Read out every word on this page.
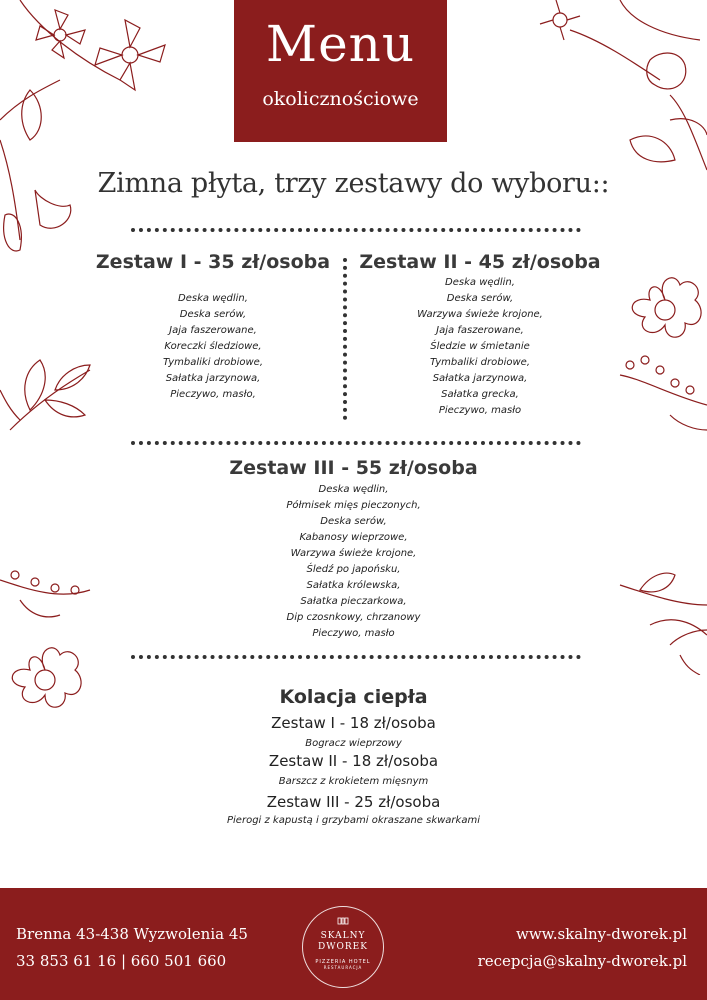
Menu
okolicznościowe
Zimna płyta, trzy zestawy do wyboru::
Zestaw I - 35 zł/osoba
Deska wędlin,
Deska serów,
Jaja faszerowane,
Koreczki śledziowe,
Tymbaliki drobiowe,
Sałatka jarzynowa,
Pieczywo, masło,
Zestaw II - 45 zł/osoba
Deska wędlin,
Deska serów,
Warzywa świeże krojone,
Jaja faszerowane,
Śledzie w śmietanie
Tymbaliki drobiowe,
Sałatka jarzynowa,
Sałatka grecka,
Pieczywo, masło
Zestaw III - 55 zł/osoba
Deska wędlin,
Półmisek mięs pieczonych,
Deska serów,
Kabanosy wieprzowe,
Warzywa świeże krojone,
Śledź po japońsku,
Sałatka królewska,
Sałatka pieczarkowa,
Dip czosnkowy, chrzanowy
Pieczywo, masło
Kolacja ciepła
Zestaw I - 18 zł/osoba
Bogracz wieprzowy
Zestaw II - 18 zł/osoba
Barszcz z krokietem mięsnym
Zestaw III - 25 zł/osoba
Pierogi z kapustą i grzybami okraszane skwarkami
Brenna 43-438 Wyzwolenia 45
33 853 61 16 | 660 501 660
SKALNY
DWOREK
PIZZERIA HOTEL
RESTAURACJA
www.skalny-dworek.pl
recepcja@skalny-dworek.pl
